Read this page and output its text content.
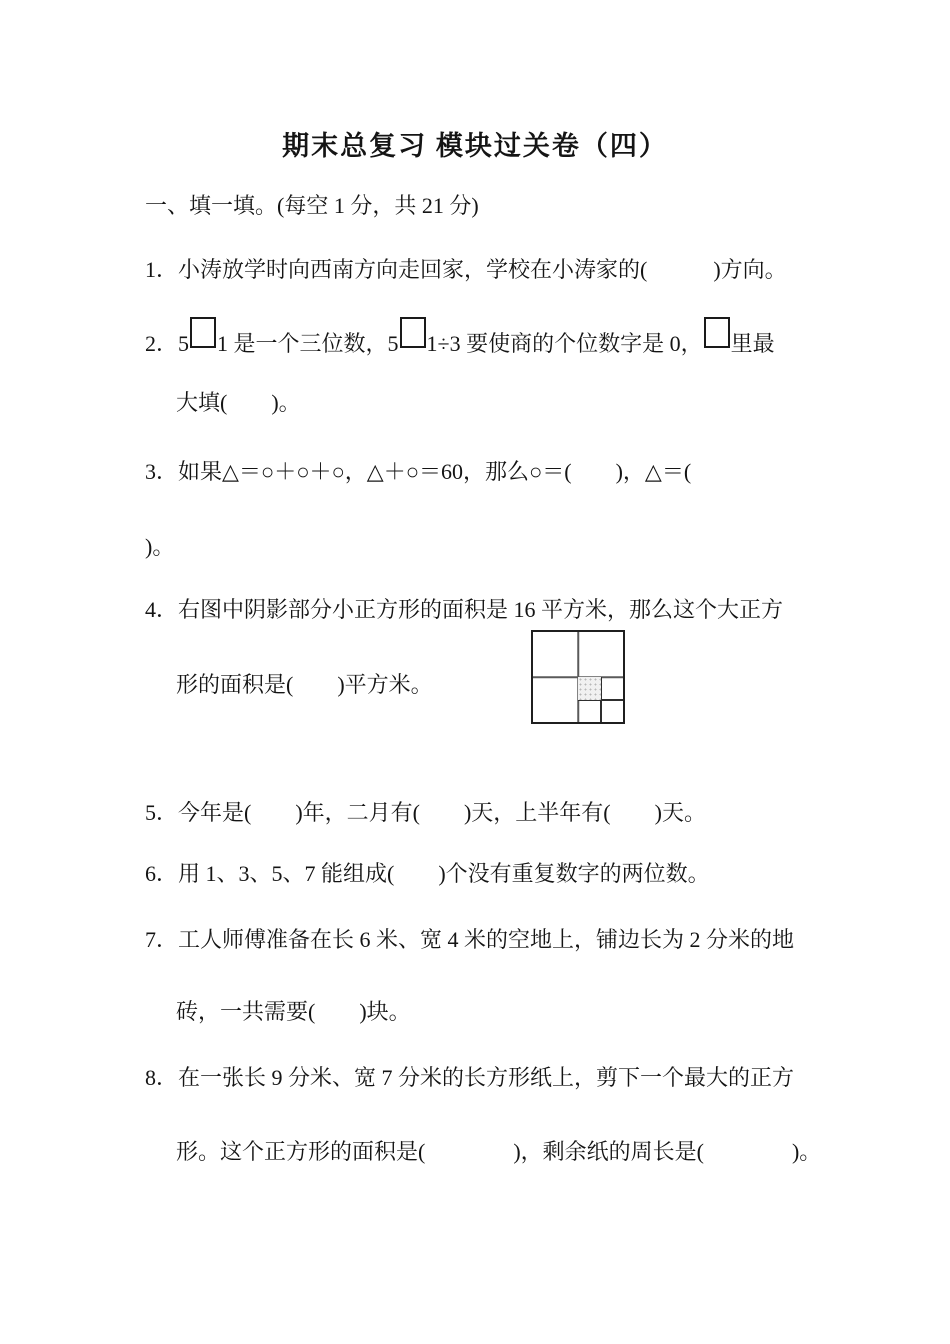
期末总复习 模块过关卷（四）
一、填一填。(每空 1 分，共 21 分)
1．小涛放学时向西南方向走回家，学校在小涛家的(　　　)方向。
2．5 1 是一个三位数，5 1÷3 要使商的个位数字是 0， 里最
大填(　　)。
3．如果△＝○＋○＋○，△＋○＝60，那么○＝(　　)，△＝(
)。
4．右图中阴影部分小正方形的面积是 16 平方米，那么这个大正方
形的面积是(　　)平方米。
5．今年是(　　)年，二月有(　　)天，上半年有(　　)天。
6．用 1、3、5、7 能组成(　　)个没有重复数字的两位数。
7．工人师傅准备在长 6 米、宽 4 米的空地上，铺边长为 2 分米的地
砖，一共需要(　　)块。
8．在一张长 9 分米、宽 7 分米的长方形纸上，剪下一个最大的正方
形。这个正方形的面积是(　　　　)，剩余纸的周长是(　　　　)。
